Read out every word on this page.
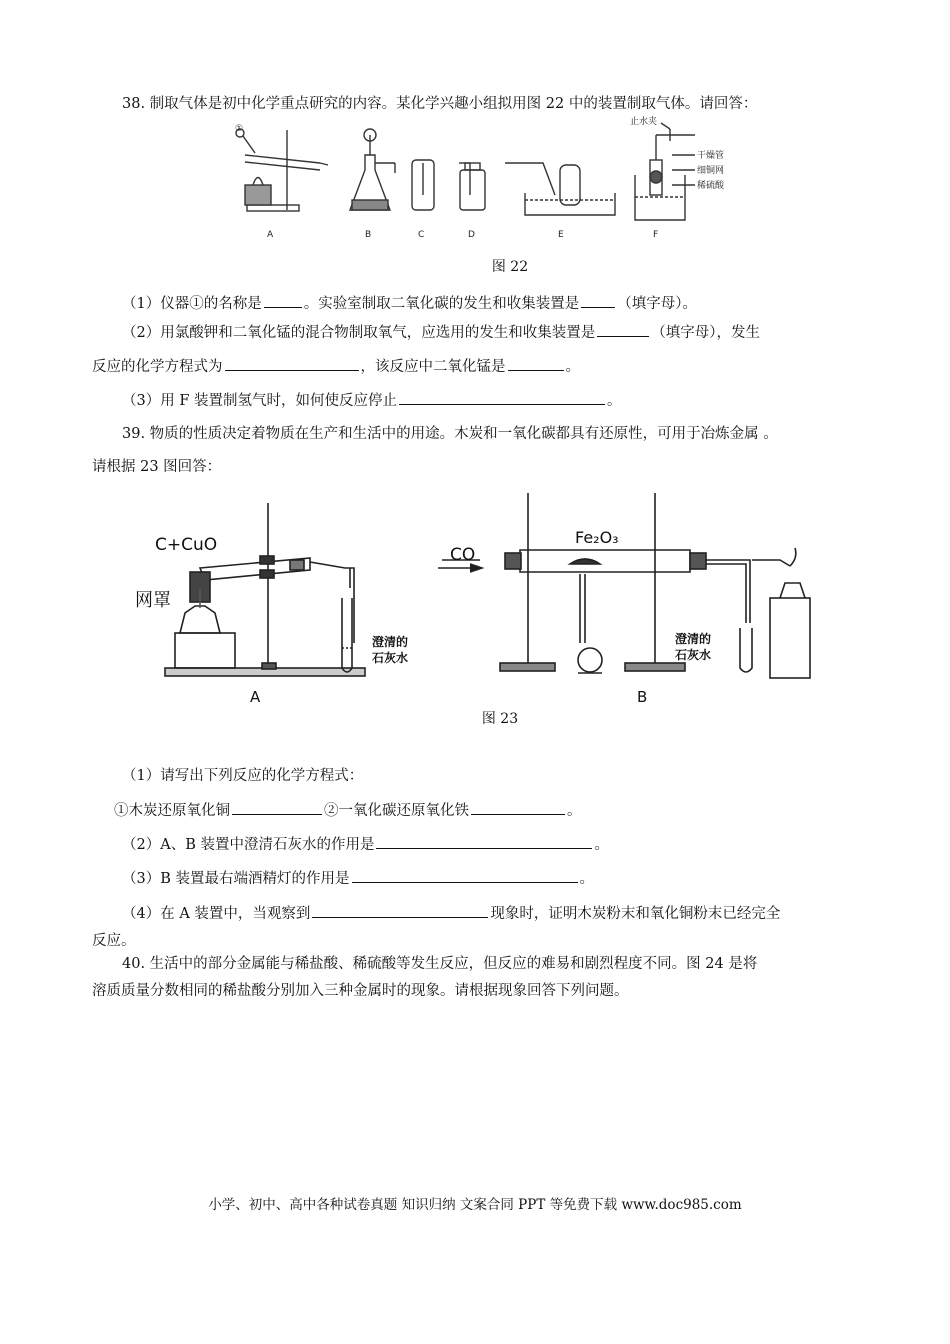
38. 制取气体是初中化学重点研究的内容。某化学兴趣小组拟用图 22 中的装置制取气体。请回答：
①
止水夹
干燥管
细铜网
稀硫酸
A	B	C	D	E	F
图 22
（1）仪器①的名称是	。实验室制取二氧化碳的发生和收集装置是	（填字母）。
（2）用氯酸钾和二氧化锰的混合物制取氧气，应选用的发生和收集装置是	（填字母），发生
反应的化学方程式为	，该反应中二氧化锰是	。
（3）用 F 装置制氢气时，如何使反应停止	。
39. 物质的性质决定着物质在生产和生活中的用途。木炭和一氧化碳都具有还原性，可用于冶炼金属 。
请根据 23 图回答：
C+CuO
网罩
澄清的
石灰水
CO
Fe₂O₃
澄清的
石灰水
A	B
图 23
（1）请写出下列反应的化学方程式：
①木炭还原氧化铜	②一氧化碳还原氧化铁	。
（2）A、B 装置中澄清石灰水的作用是	。
（3）B 装置最右端酒精灯的作用是	。
（4）在 A 装置中，当观察到	现象时，证明木炭粉末和氧化铜粉末已经完全
反应。
40. 生活中的部分金属能与稀盐酸、稀硫酸等发生反应，但反应的难易和剧烈程度不同。图 24 是将
溶质质量分数相同的稀盐酸分别加入三种金属时的现象。请根据现象回答下列问题。
小学、初中、高中各种试卷真题 知识归纳 文案合同 PPT 等免费下载 www.doc985.com
